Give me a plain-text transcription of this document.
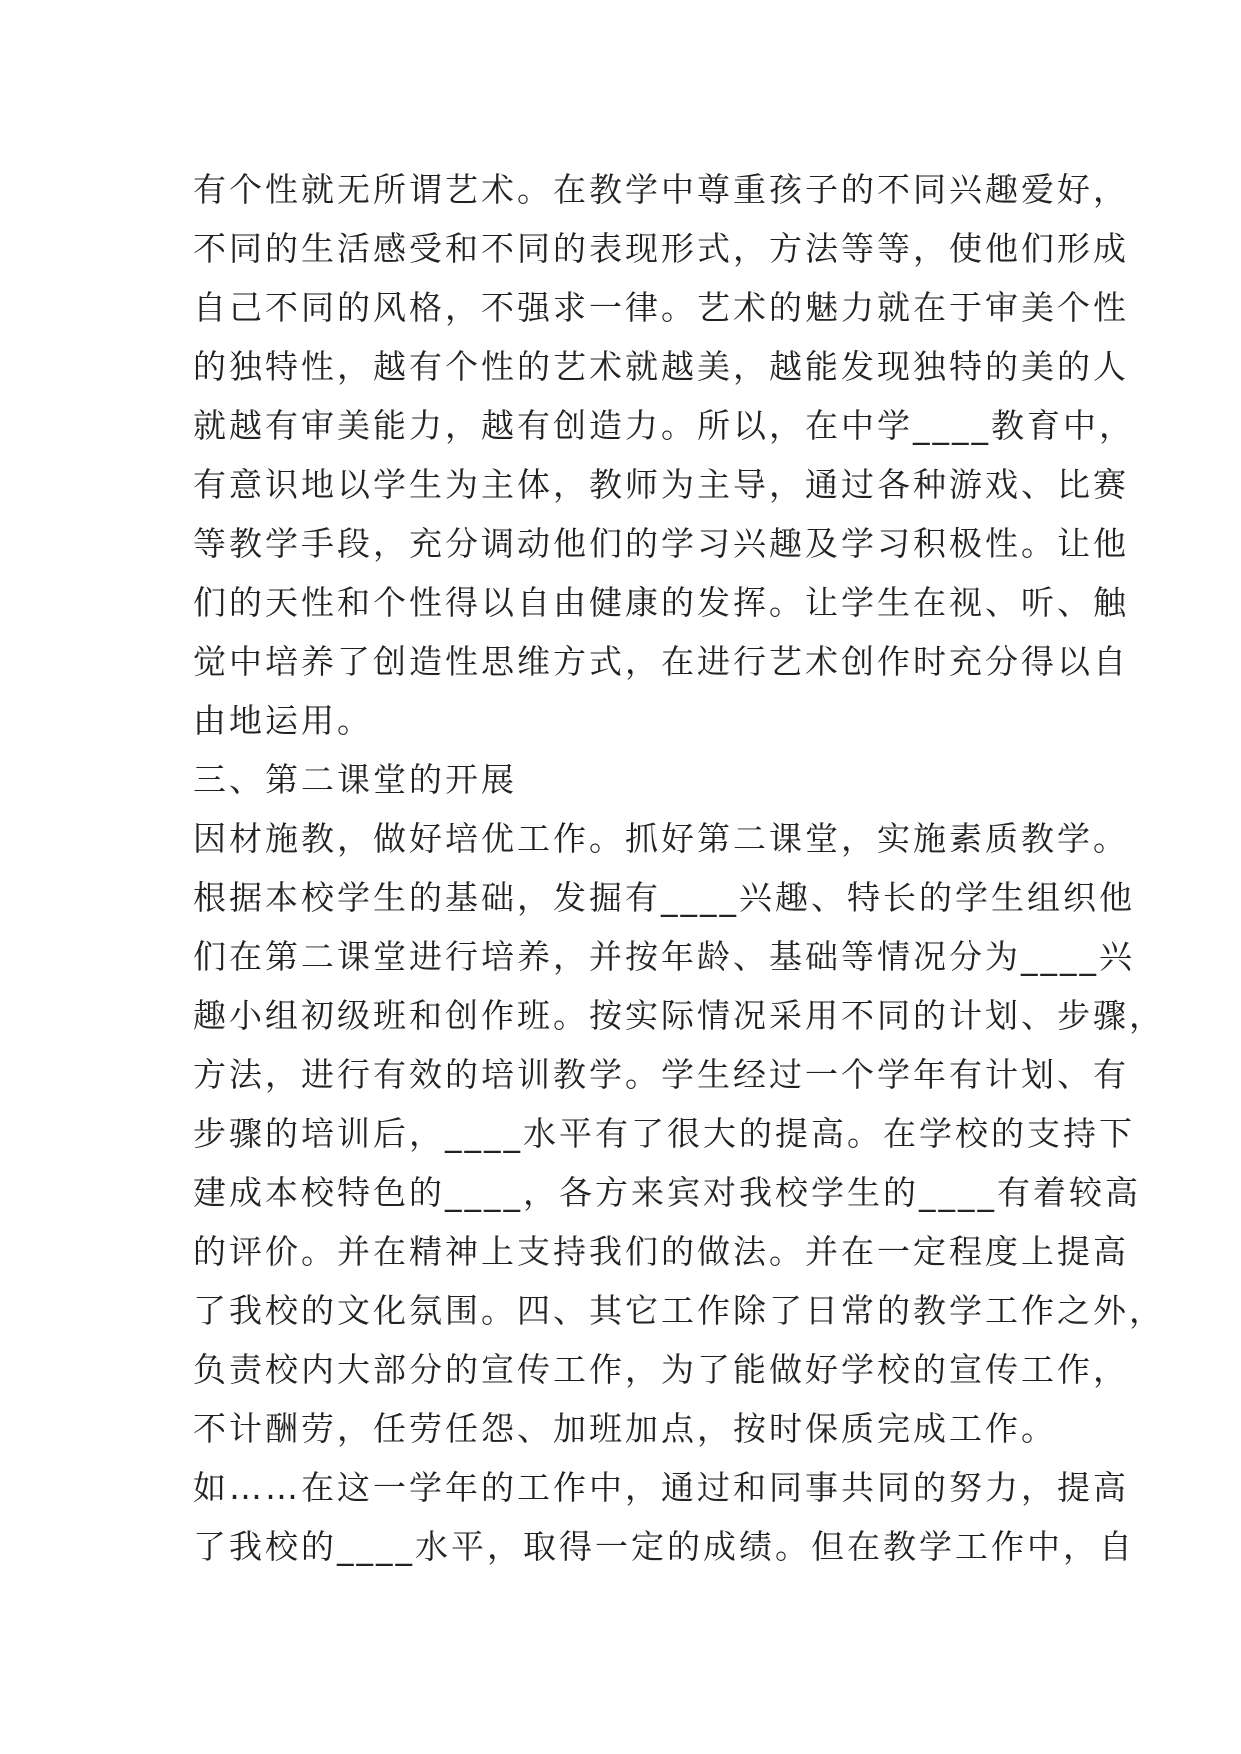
有个性就无所谓艺术。在教学中尊重孩子的不同兴趣爱好，
不同的生活感受和不同的表现形式，方法等等，使他们形成
自己不同的风格，不强求一律。艺术的魅力就在于审美个性
的独特性，越有个性的艺术就越美，越能发现独特的美的人
就越有审美能力，越有创造力。所以，在中学____教育中，
有意识地以学生为主体，教师为主导，通过各种游戏、比赛
等教学手段，充分调动他们的学习兴趣及学习积极性。让他
们的天性和个性得以自由健康的发挥。让学生在视、听、触
觉中培养了创造性思维方式，在进行艺术创作时充分得以自
由地运用。
三、第二课堂的开展
因材施教，做好培优工作。抓好第二课堂，实施素质教学。
根据本校学生的基础，发掘有____兴趣、特长的学生组织他
们在第二课堂进行培养，并按年龄、基础等情况分为____兴
趣小组初级班和创作班。按实际情况采用不同的计划、步骤，
方法，进行有效的培训教学。学生经过一个学年有计划、有
步骤的培训后，____水平有了很大的提高。在学校的支持下
建成本校特色的____，各方来宾对我校学生的____有着较高
的评价。并在精神上支持我们的做法。并在一定程度上提高
了我校的文化氛围。四、其它工作除了日常的教学工作之外，
负责校内大部分的宣传工作，为了能做好学校的宣传工作，
不计酬劳，任劳任怨、加班加点，按时保质完成工作。
如……在这一学年的工作中，通过和同事共同的努力，提高
了我校的____水平，取得一定的成绩。但在教学工作中，自
